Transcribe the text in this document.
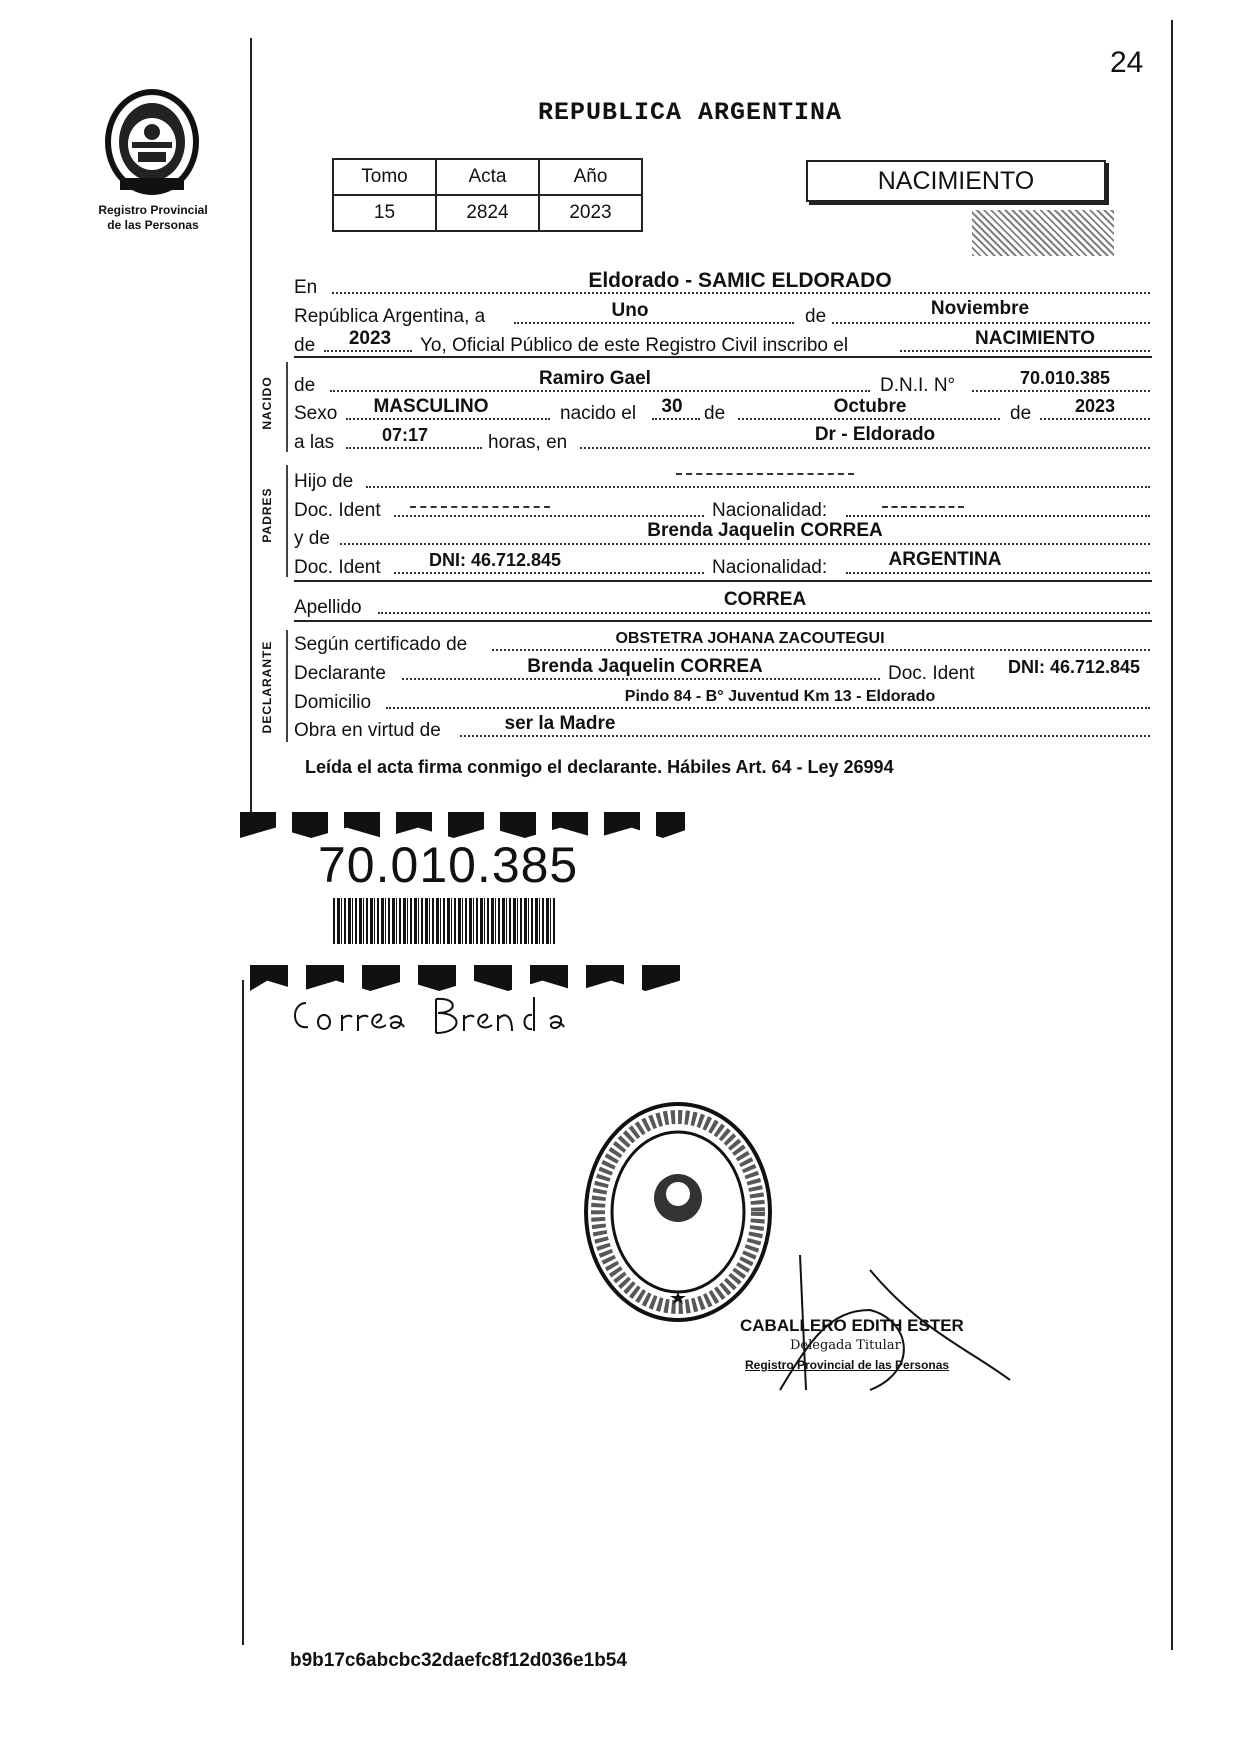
24
Registro Provincial
de las Personas
REPUBLICA ARGENTINA
Tomo	Acta	Año
15	2824	2023
NACIMIENTO
En	Eldorado - SAMIC ELDORADO
República Argentina, a	Uno	de	Noviembre
de	2023	Yo, Oficial Público de este Registro Civil inscribo el	NACIMIENTO
NACIDO de	Ramiro Gael	D.N.I. N°	70.010.385
Sexo	MASCULINO	nacido el	30	de	Octubre	de	2023
a las	07:17	horas, en	Dr - Eldorado
PADRES
Hijo de
Doc. Ident	Nacionalidad:
y de	Brenda Jaquelin CORREA
Doc. Ident	DNI: 46.712.845	Nacionalidad:	ARGENTINA
Apellido	CORREA
DECLARANTE Según certificado de	OBSTETRA JOHANA ZACOUTEGUI
Declarante	Brenda Jaquelin CORREA	Doc. Ident	DNI: 46.712.845
Domicilio	Pindo 84 - B° Juventud Km 13 - Eldorado
Obra en virtud de	ser la Madre
Leída el acta firma conmigo el declarante. Hábiles Art. 64 - Ley 26994
70.010.385
CABALLERO EDITH ESTER
Delegada Titular
Registro Provincial de las Personas
b9b17c6abcbc32daefc8f12d036e1b54
